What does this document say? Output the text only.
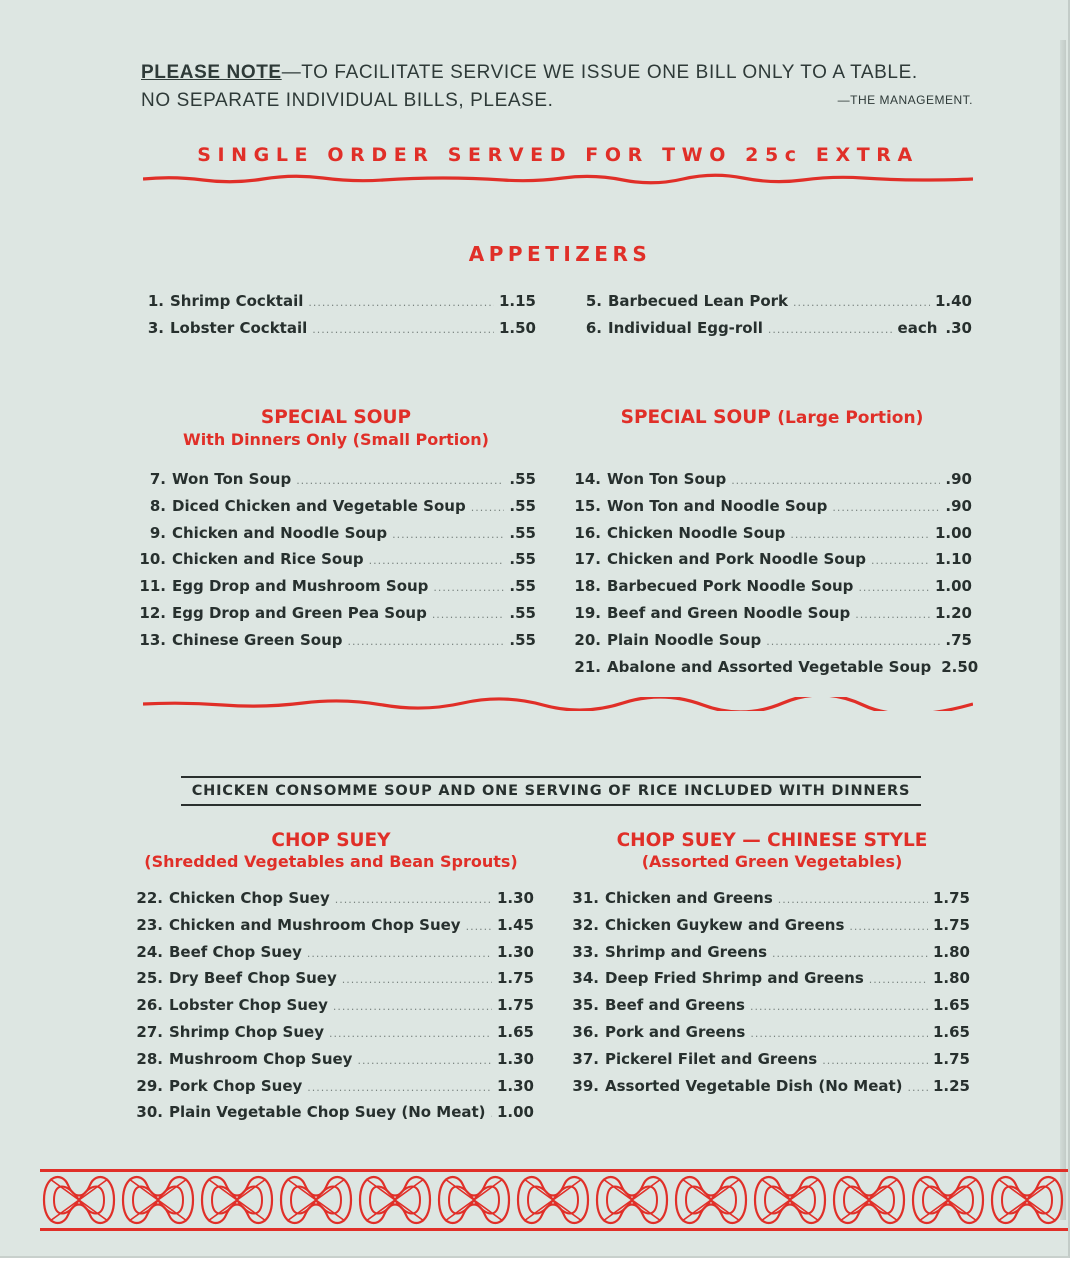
PLEASE NOTE—TO FACILITATE SERVICE WE ISSUE ONE BILL ONLY TO A TABLE.
NO SEPARATE INDIVIDUAL BILLS, PLEASE.	—THE MANAGEMENT.
SINGLE ORDER SERVED FOR TWO 25c EXTRA
APPETIZERS
1. Shrimp Cocktail .....	1.15
3. Lobster Cocktail .....	1.50
5. Barbecued Lean Pork .....	1.40
6. Individual Egg-roll .....	each .30
SPECIAL SOUP
With Dinners Only (Small Portion)
SPECIAL SOUP (Large Portion)
7. Won Ton Soup .....	.55
8. Diced Chicken and Vegetable Soup .....	.55
9. Chicken and Noodle Soup .....	.55
10. Chicken and Rice Soup .....	.55
11. Egg Drop and Mushroom Soup .....	.55
12. Egg Drop and Green Pea Soup .....	.55
13. Chinese Green Soup .....	.55
14. Won Ton Soup .....	.90
15. Won Ton and Noodle Soup .....	.90
16. Chicken Noodle Soup .....	1.00
17. Chicken and Pork Noodle Soup .....	1.10
18. Barbecued Pork Noodle Soup .....	1.00
19. Beef and Green Noodle Soup .....	1.20
20. Plain Noodle Soup .....	.75
21. Abalone and Assorted Vegetable Soup 2.50
CHICKEN CONSOMME SOUP AND ONE SERVING OF RICE INCLUDED WITH DINNERS
CHOP SUEY
(Shredded Vegetables and Bean Sprouts)
CHOP SUEY — CHINESE STYLE
(Assorted Green Vegetables)
22. Chicken Chop Suey .....	1.30
23. Chicken and Mushroom Chop Suey ..... 1.45
24. Beef Chop Suey .....	1.30
25. Dry Beef Chop Suey .....	1.75
26. Lobster Chop Suey .....	1.75
27. Shrimp Chop Suey .....	1.65
28. Mushroom Chop Suey .....	1.30
29. Pork Chop Suey .....	1.30
30. Plain Vegetable Chop Suey (No Meat) ..... 1.00
31. Chicken and Greens .....	1.75
32. Chicken Guykew and Greens .....	1.75
33. Shrimp and Greens .....	1.80
34. Deep Fried Shrimp and Greens .....	1.80
35. Beef and Greens .....	1.65
36. Pork and Greens .....	1.65
37. Pickerel Filet and Greens .....	1.75
39. Assorted Vegetable Dish (No Meat) ..... 1.25
